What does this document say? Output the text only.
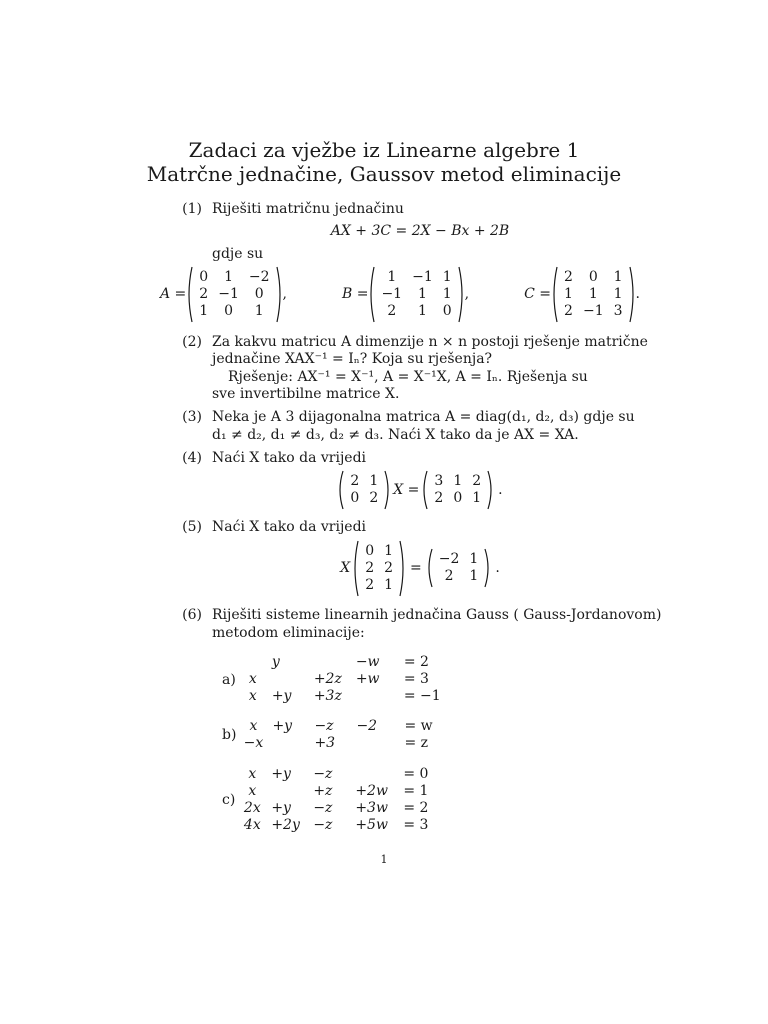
Zadaci za vježbe iz Linearne algebre 1
Matrčne jednačine, Gaussov metod eliminacije
(1) Riješiti matričnu jednačinu
AX + 3C = 2X − Bx + 2B
gdje su
A =
0	1	−2
2	−1	0
1	0	1
,	B =
1	−1	1
−1	1	1
2	1	0
,	C =
2	0	1
1	1	1
2	−1	3
.
(2) Za kakvu matricu A dimenzije n × n postoji rješenje matrične
jednačine XAX⁻¹ = Iₙ? Koja su rješenja?
Rješenje: AX⁻¹ = X⁻¹, A = X⁻¹X, A = Iₙ. Rješenja su
sve invertibilne matrice X.
(3) Neka je A 3 dijagonalna matrica A = diag(d₁, d₂, d₃) gdje su
d₁ ≠ d₂, d₁ ≠ d₃, d₂ ≠ d₃. Naći X tako da je AX = XA.
(4) Naći X tako da vrijedi
2	1
0	2 X =
3	1	2
2	0	1 .
(5) Naći X tako da vrijedi
X
0	1
2	2
2	1
=
−2	1
2	1 .
(6) Riješiti sisteme linearnih jednačina Gauss ( Gauss-Jordanovom)
metodom eliminacije:
a)
	y		−w	= 2
x		+2z	+w	= 3
x	+y	+3z		= −1
b)
x	+y	−z	−2	= w
−x		+3		= z
c)
x	+y	−z		= 0
x		+z	+2w	= 1
2x	+y	−z	+3w	= 2
4x	+2y	−z	+5w	= 3
1
